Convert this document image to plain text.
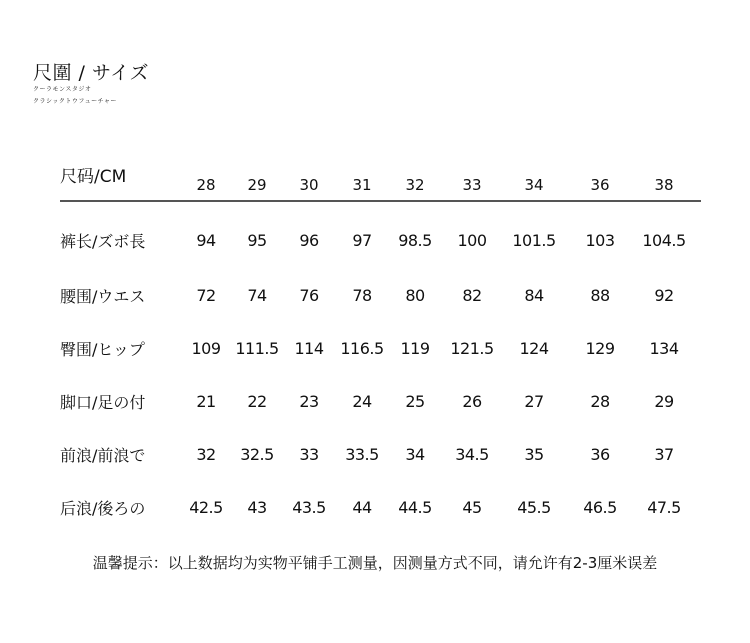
尺圍 / サイズ
クーラモンスタジオ
クラシックトウフューチャー
尺码/CM	28 29 30 31 32	33	34	36	38
裤长/ズボ長	94 95 96 97 98.5 100 101.5 103 104.5
腰围/ウエス	72 74 76 78 80 82	84	88	92
臀围/ヒップ	109 111.5 114 116.5 119 121.5 124 129 134
脚口/足の付	21 22 23 24 25 26	27	28	29
前浪/前浪で	32 32.5 33 33.5 34 34.5 35	36	37
后浪/後ろの	42.5 43 43.5 44 44.5 45 45.5 46.5 47.5
温馨提示：以上数据均为实物平铺手工测量，因测量方式不同，请允许有2-3厘米误差
